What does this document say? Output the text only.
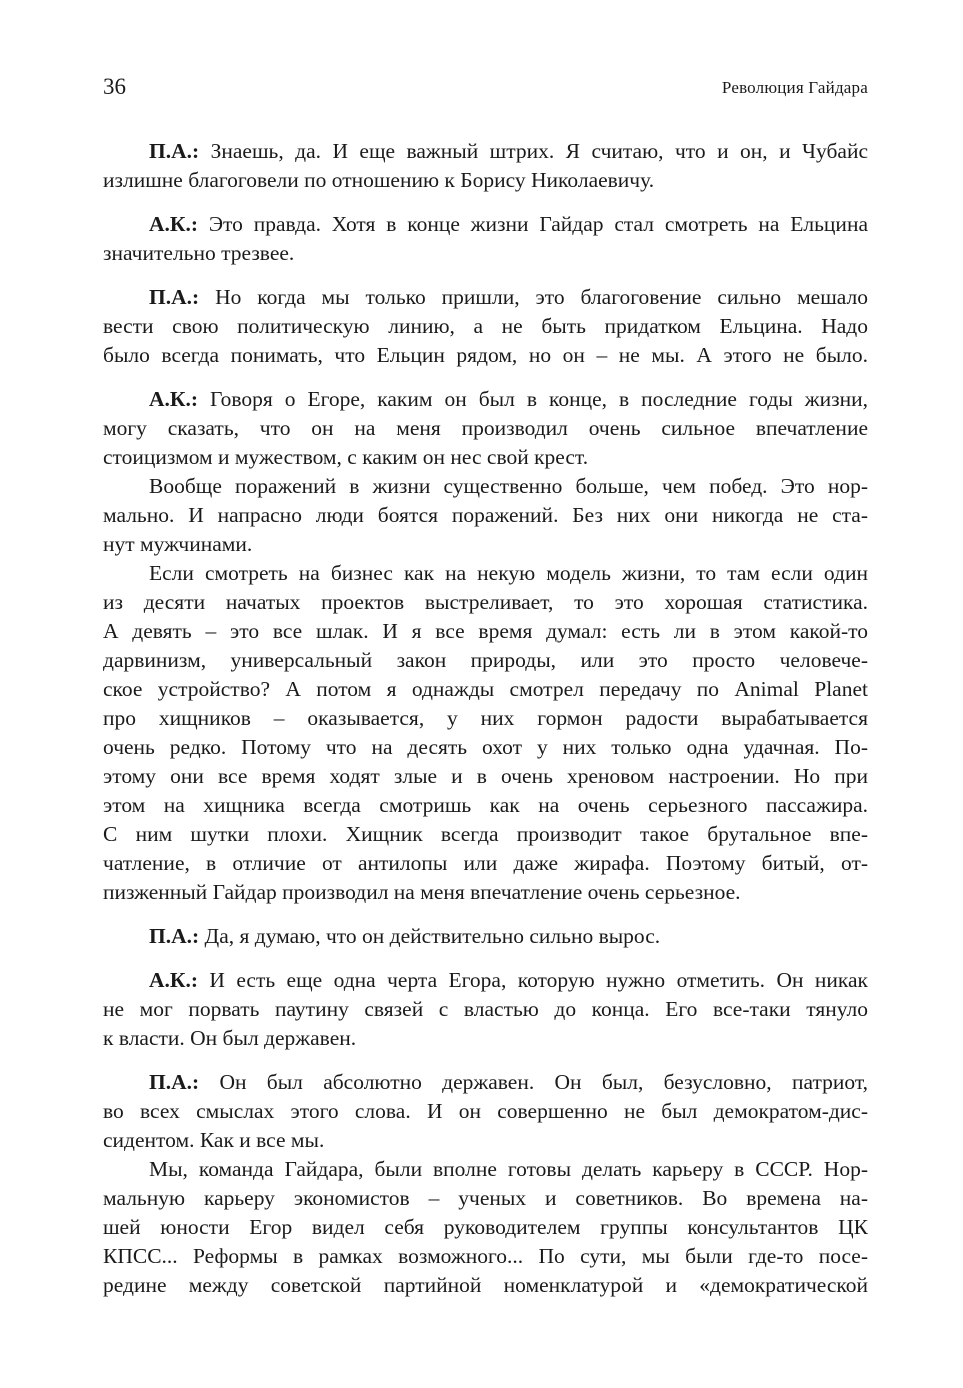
36	Революция Гайдара
П.А.: Знаешь, да. И еще важный штрих. Я считаю, что и он, и Чубайс
излишне благоговели по отношению к Борису Николаевичу.
А.К.: Это правда. Хотя в конце жизни Гайдар стал смотреть на Ельцина
значительно трезвее.
П.А.: Но когда мы только пришли, это благоговение сильно мешало
вести свою политическую линию, а не быть придатком Ельцина. Надо
было всегда понимать, что Ельцин рядом, но он – не мы. А этого не было.
А.К.: Говоря о Егоре, каким он был в конце, в последние годы жизни,
могу сказать, что он на меня производил очень сильное впечатление
стоицизмом и мужеством, с каким он нес свой крест.
Вообще поражений в жизни существенно больше, чем побед. Это нор-
мально. И напрасно люди боятся поражений. Без них они никогда не ста-
нут мужчинами.
Если смотреть на бизнес как на некую модель жизни, то там если один
из десяти начатых проектов выстреливает, то это хорошая статистика.
А девять – это все шлак. И я все время думал: есть ли в этом какой-то
дарвинизм, универсальный закон природы, или это просто человече-
ское устройство? А потом я однажды смотрел передачу по Animal Planet
про хищников – оказывается, у них гормон радости вырабатывается
очень редко. Потому что на десять охот у них только одна удачная. По-
этому они все время ходят злые и в очень хреновом настроении. Но при
этом на хищника всегда смотришь как на очень серьезного пассажира.
С ним шутки плохи. Хищник всегда производит такое брутальное впе-
чатление, в отличие от антилопы или даже жирафа. Поэтому битый, от-
пизженный Гайдар производил на меня впечатление очень серьезное.
П.А.: Да, я думаю, что он действительно сильно вырос.
А.К.: И есть еще одна черта Егора, которую нужно отметить. Он никак
не мог порвать паутину связей с властью до конца. Его все-таки тянуло
к власти. Он был державен.
П.А.: Он был абсолютно державен. Он был, безусловно, патриот,
во всех смыслах этого слова. И он совершенно не был демократом-дис-
сидентом. Как и все мы.
Мы, команда Гайдара, были вполне готовы делать карьеру в СССР. Нор-
мальную карьеру экономистов – ученых и советников. Во времена на-
шей юности Егор видел себя руководителем группы консультантов ЦК
КПСС... Реформы в рамках возможного... По сути, мы были где-то посе-
редине между советской партийной номенклатурой и «демократической
